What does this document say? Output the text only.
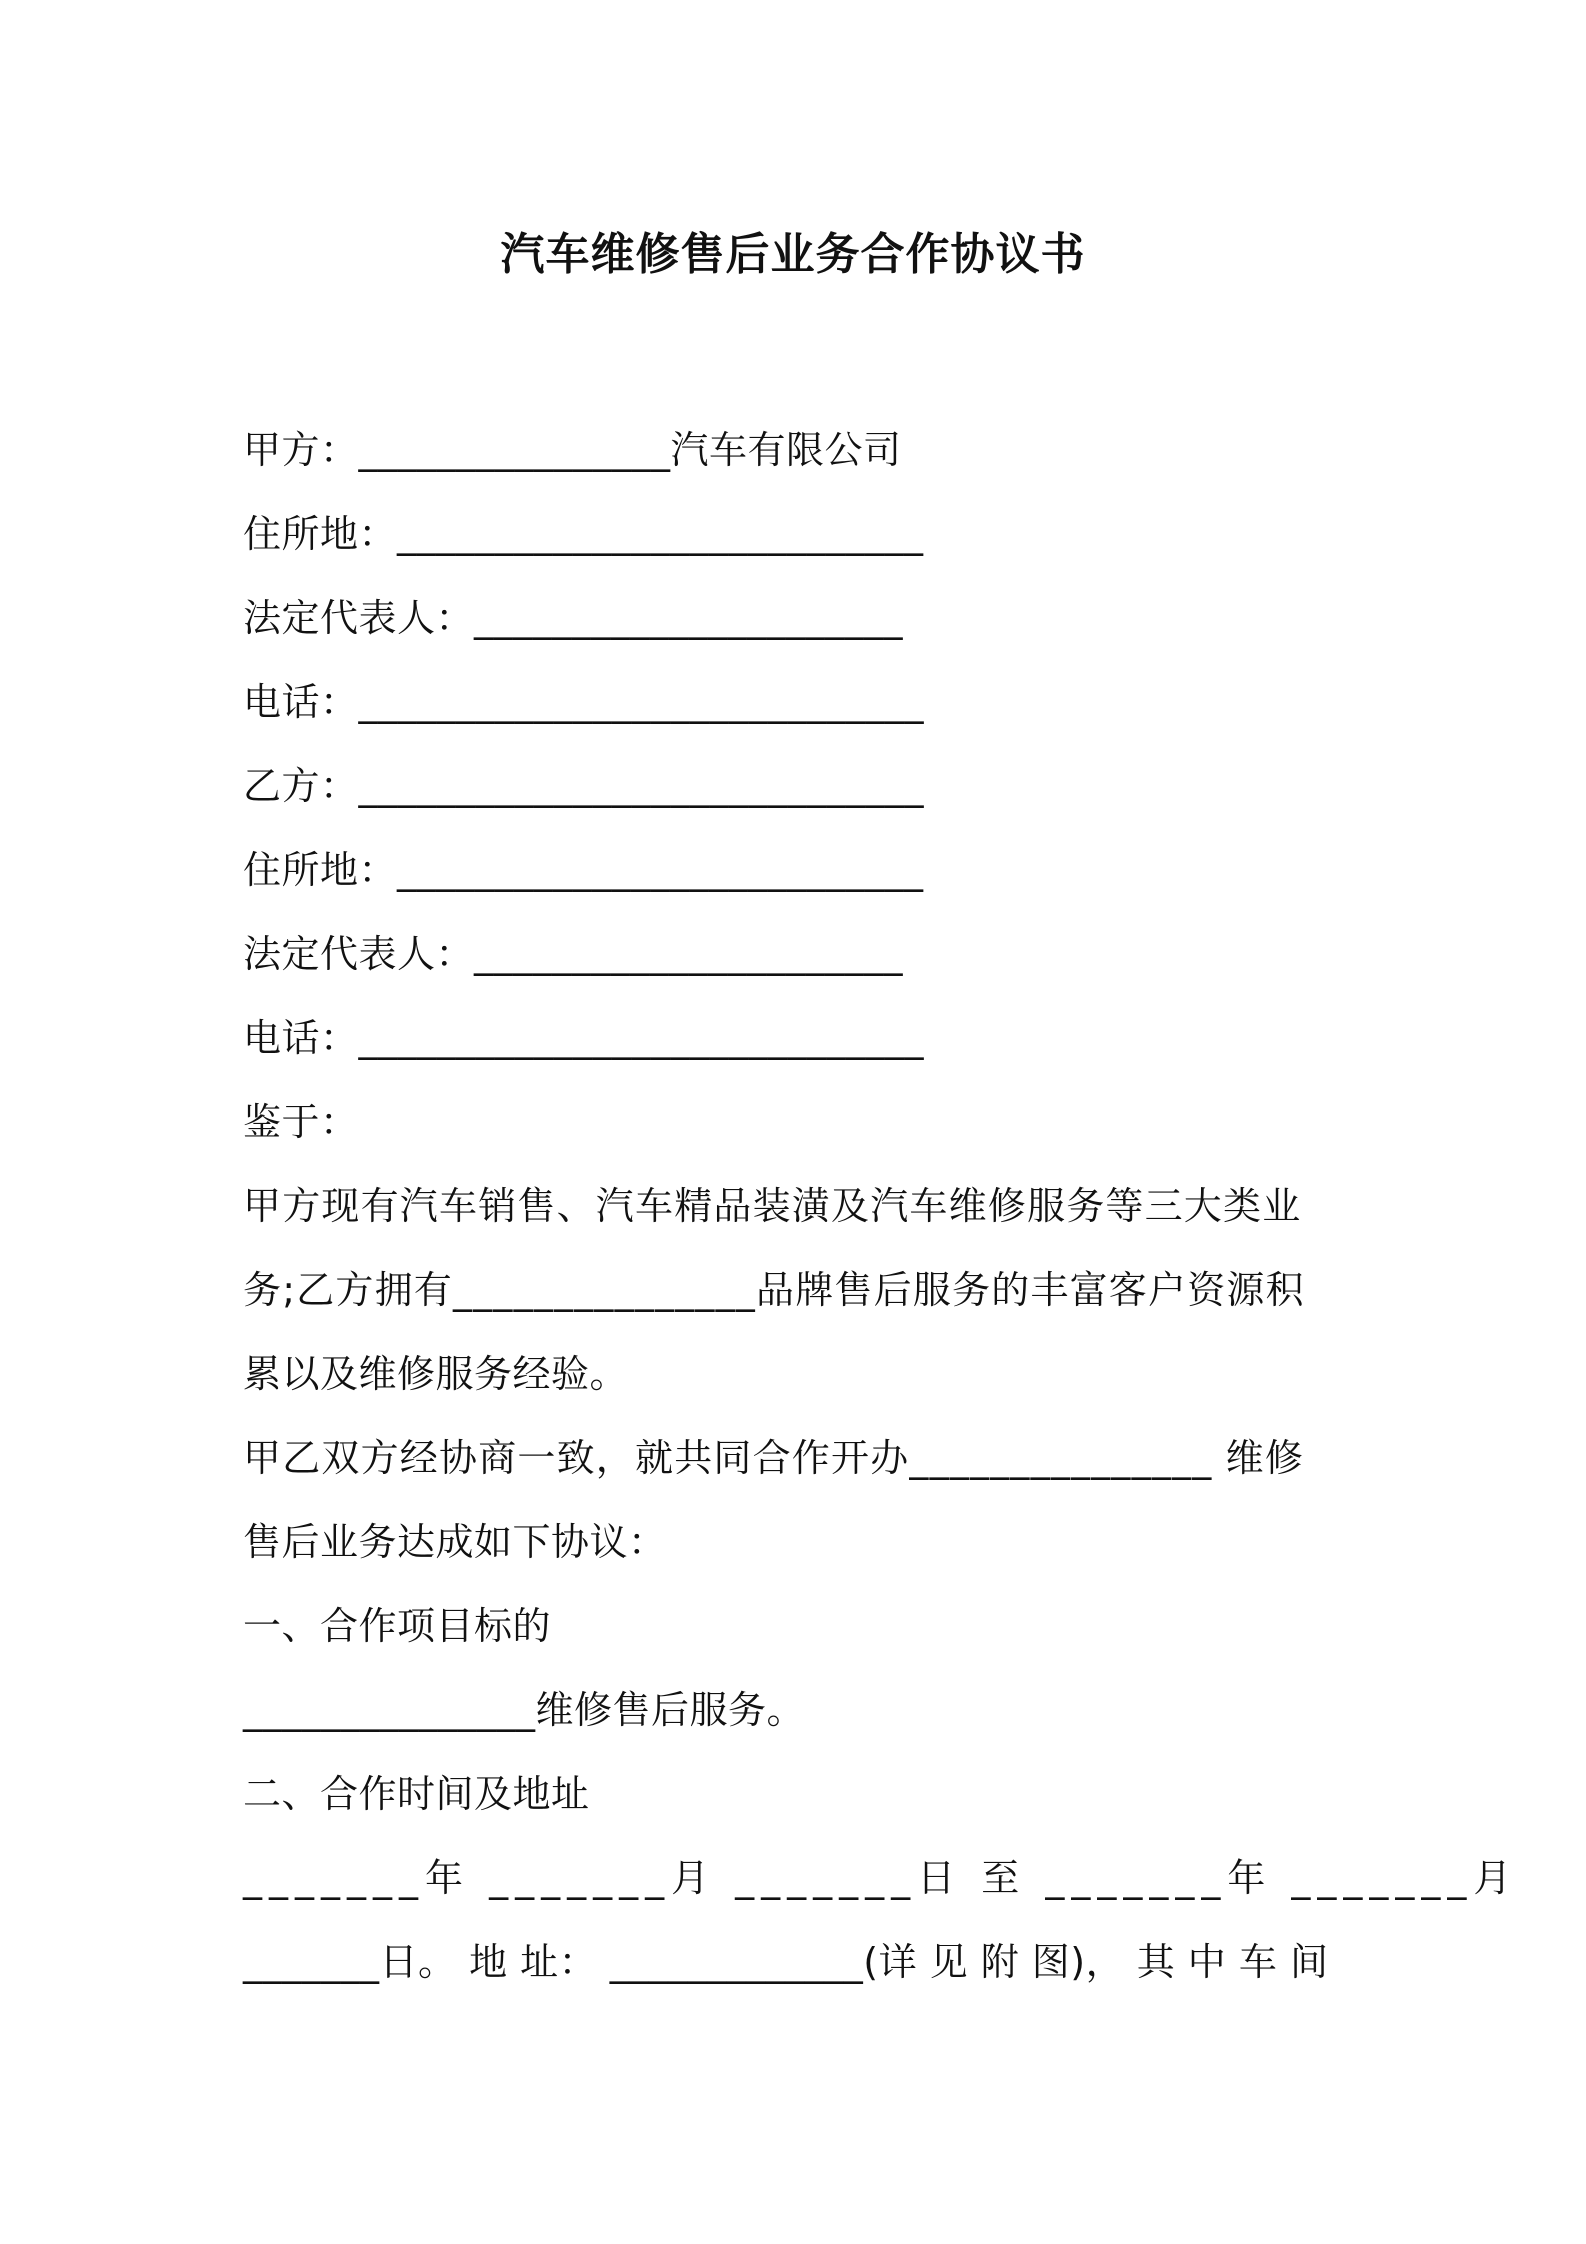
汽车维修售后业务合作协议书
甲方：________________汽车有限公司
住所地：___________________________
法定代表人：______________________
电话：_____________________________
乙方：_____________________________
住所地：___________________________
法定代表人：______________________
电话：_____________________________
鉴于：
甲方现有汽车销售、汽车精品装潢及汽车维修服务等三大类业
务;乙方拥有_______________品牌售后服务的丰富客户资源积
累以及维修服务经验。
甲乙双方经协商一致，就共同合作开办_______________ 维修
售后业务达成如下协议：
一、合作项目标的
_______________维修售后服务。
二、合作时间及地址
_______年 _______月 _______日 至 _______年 _______月
_______日。 地 址： _____________(详 见 附 图)， 其 中 车 间
